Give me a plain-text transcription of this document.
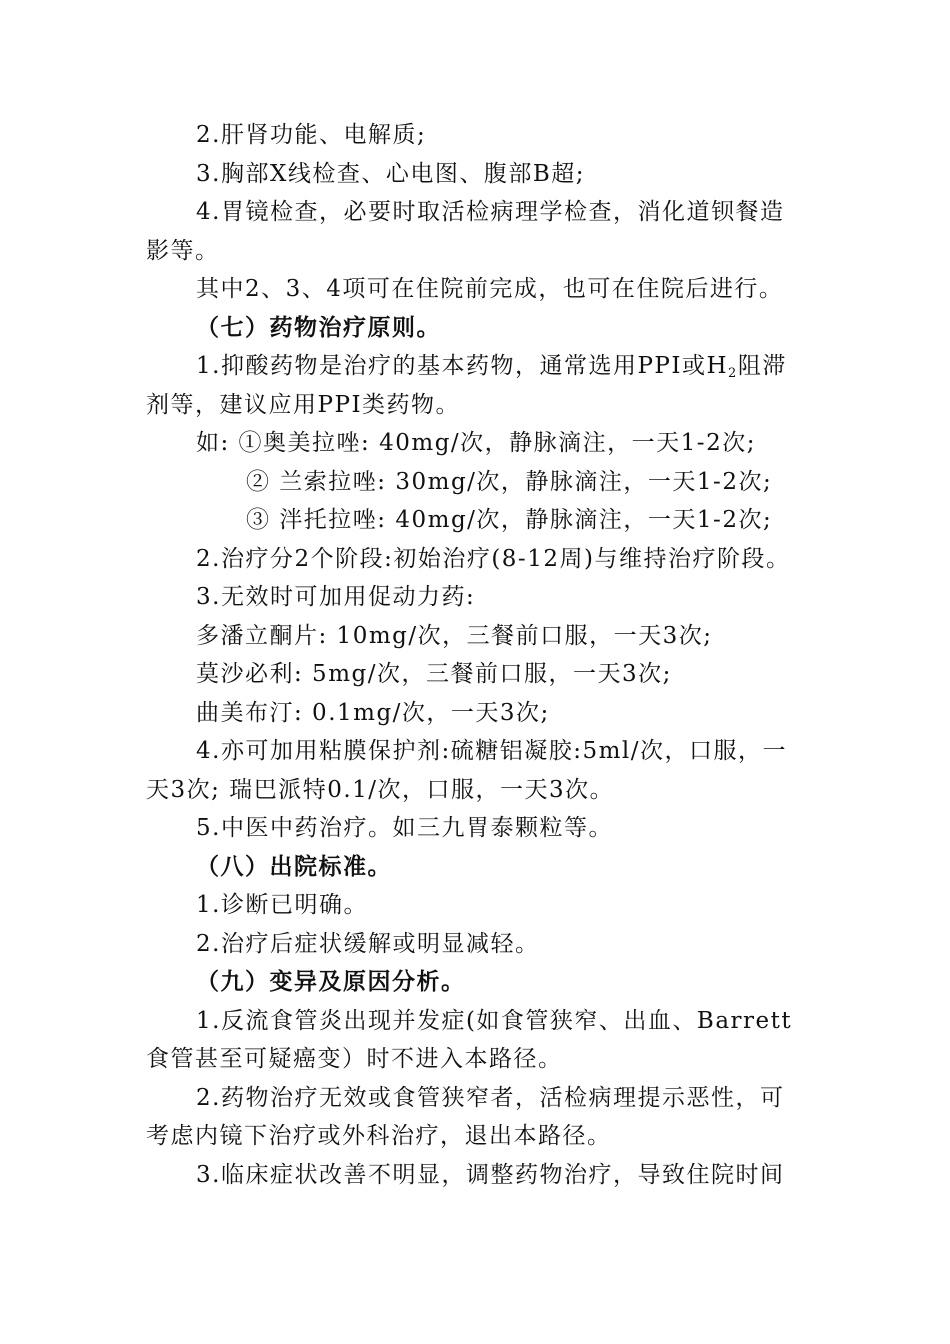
2.肝肾功能、电解质;
3.胸部X线检查、心电图、腹部B超;
4.胃镜检查，必要时取活检病理学检查，消化道钡餐造
影等。
其中2、3、4项可在住院前完成，也可在住院后进行。
（七）药物治疗原则。
1.抑酸药物是治疗的基本药物，通常选用PPI或$H_2$阻滞
剂等，建议应用PPI类药物。
如: ①奥美拉唑: 40mg/次，静脉滴注，一天1-2次;
② 兰索拉唑: 30mg/次，静脉滴注，一天1-2次;
③ 泮托拉唑: 40mg/次，静脉滴注，一天1-2次;
2.治疗分2个阶段:初始治疗(8-12周)与维持治疗阶段。
3.无效时可加用促动力药:
多潘立酮片: 10mg/次，三餐前口服，一天3次;
莫沙必利: 5mg/次，三餐前口服，一天3次;
曲美布汀: 0.1mg/次，一天3次;
4.亦可加用粘膜保护剂:硫糖铝凝胶:5ml/次，口服，一
天3次; 瑞巴派特0.1/次，口服，一天3次。
5.中医中药治疗。如三九胃泰颗粒等。
（八）出院标准。
1.诊断已明确。
2.治疗后症状缓解或明显减轻。
（九）变异及原因分析。
1.反流食管炎出现并发症(如食管狭窄、出血、Barrett
食管甚至可疑癌变）时不进入本路径。
2.药物治疗无效或食管狭窄者，活检病理提示恶性，可
考虑内镜下治疗或外科治疗，退出本路径。
3.临床症状改善不明显，调整药物治疗，导致住院时间
